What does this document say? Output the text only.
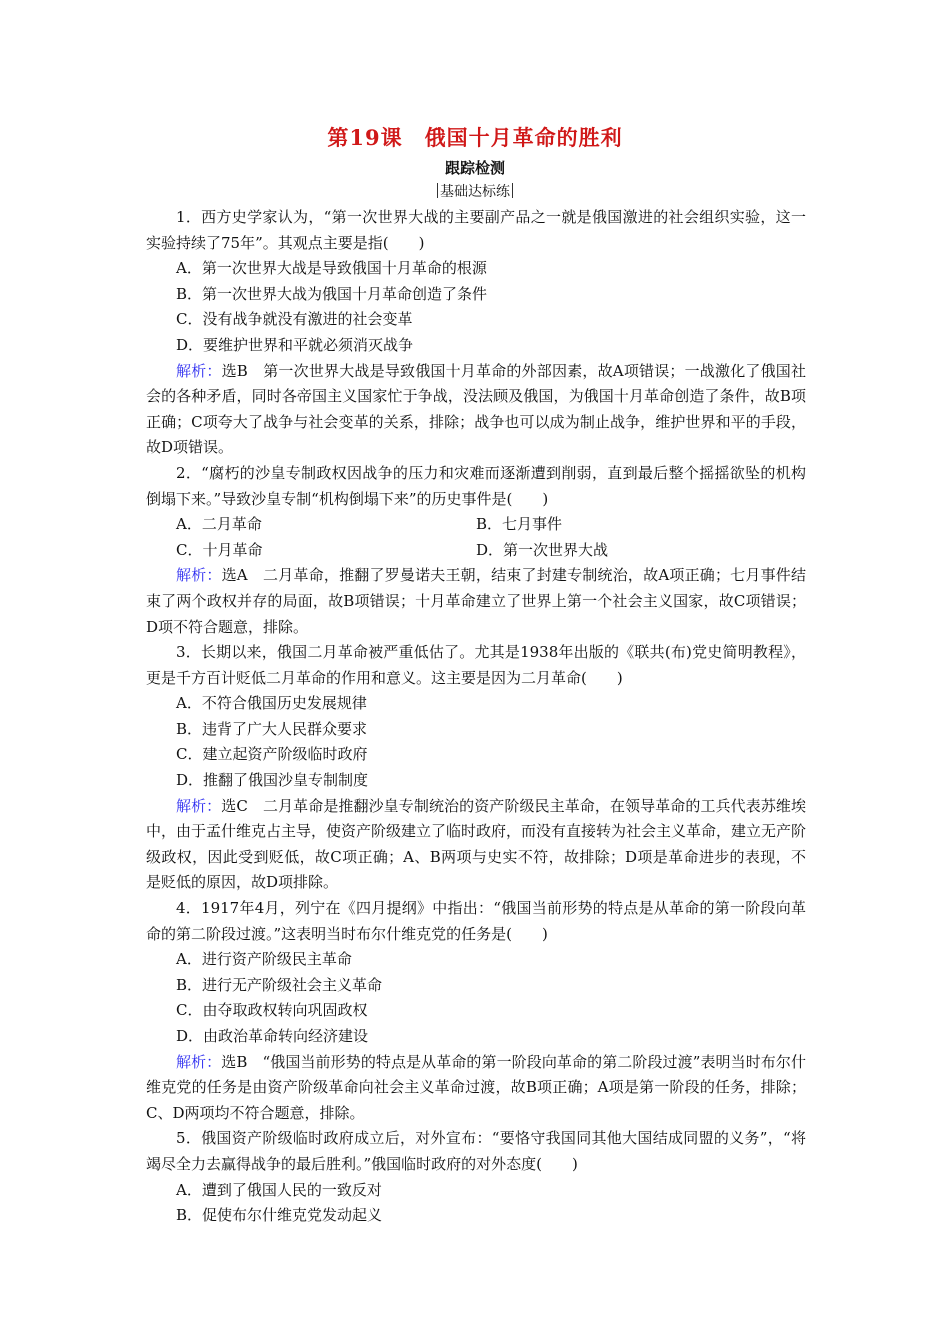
第19课 俄国十月革命的胜利
跟踪检测
基础达标练

1．西方史学家认为，“第一次世界大战的主要副产品之一就是俄国激进的社会组织实验，这一实验持续了75年”。其观点主要是指(　　)

A．第一次世界大战是导致俄国十月革命的根源

B．第一次世界大战为俄国十月革命创造了条件

C．没有战争就没有激进的社会变革

D．要维护世界和平就必须消灭战争

解析：选B　第一次世界大战是导致俄国十月革命的外部因素，故A项错误；一战激化了俄国社会的各种矛盾，同时各帝国主义国家忙于争战，没法顾及俄国，为俄国十月革命创造了条件，故B项正确；C项夸大了战争与社会变革的关系，排除；战争也可以成为制止战争，维护世界和平的手段，故D项错误。

2．“腐朽的沙皇专制政权因战争的压力和灾难而逐渐遭到削弱，直到最后整个摇摇欲坠的机构倒塌下来。”导致沙皇专制“机构倒塌下来”的历史事件是(　　)

A．二月革命	B．七月事件
C．十月革命	D．第一次世界大战

解析：选A　二月革命，推翻了罗曼诺夫王朝，结束了封建专制统治，故A项正确；七月事件结束了两个政权并存的局面，故B项错误；十月革命建立了世界上第一个社会主义国家，故C项错误；D项不符合题意，排除。

3．长期以来，俄国二月革命被严重低估了。尤其是1938年出版的《联共(布)党史简明教程》，更是千方百计贬低二月革命的作用和意义。这主要是因为二月革命(　　)

A．不符合俄国历史发展规律

B．违背了广大人民群众要求

C．建立起资产阶级临时政府

D．推翻了俄国沙皇专制制度

解析：选C　二月革命是推翻沙皇专制统治的资产阶级民主革命，在领导革命的工兵代表苏维埃中，由于孟什维克占主导，使资产阶级建立了临时政府，而没有直接转为社会主义革命，建立无产阶级政权，因此受到贬低，故C项正确；A、B两项与史实不符，故排除；D项是革命进步的表现，不是贬低的原因，故D项排除。

4．1917年4月，列宁在《四月提纲》中指出：“俄国当前形势的特点是从革命的第一阶段向革命的第二阶段过渡。”这表明当时布尔什维克党的任务是(　　)

A．进行资产阶级民主革命

B．进行无产阶级社会主义革命

C．由夺取政权转向巩固政权

D．由政治革命转向经济建设

解析：选B　“俄国当前形势的特点是从革命的第一阶段向革命的第二阶段过渡”表明当时布尔什维克党的任务是由资产阶级革命向社会主义革命过渡，故B项正确；A项是第一阶段的任务，排除；C、D两项均不符合题意，排除。

5．俄国资产阶级临时政府成立后，对外宣布：“要恪守我国同其他大国结成同盟的义务”，“将竭尽全力去赢得战争的最后胜利。”俄国临时政府的对外态度(　　)

A．遭到了俄国人民的一致反对

B．促使布尔什维克党发动起义
